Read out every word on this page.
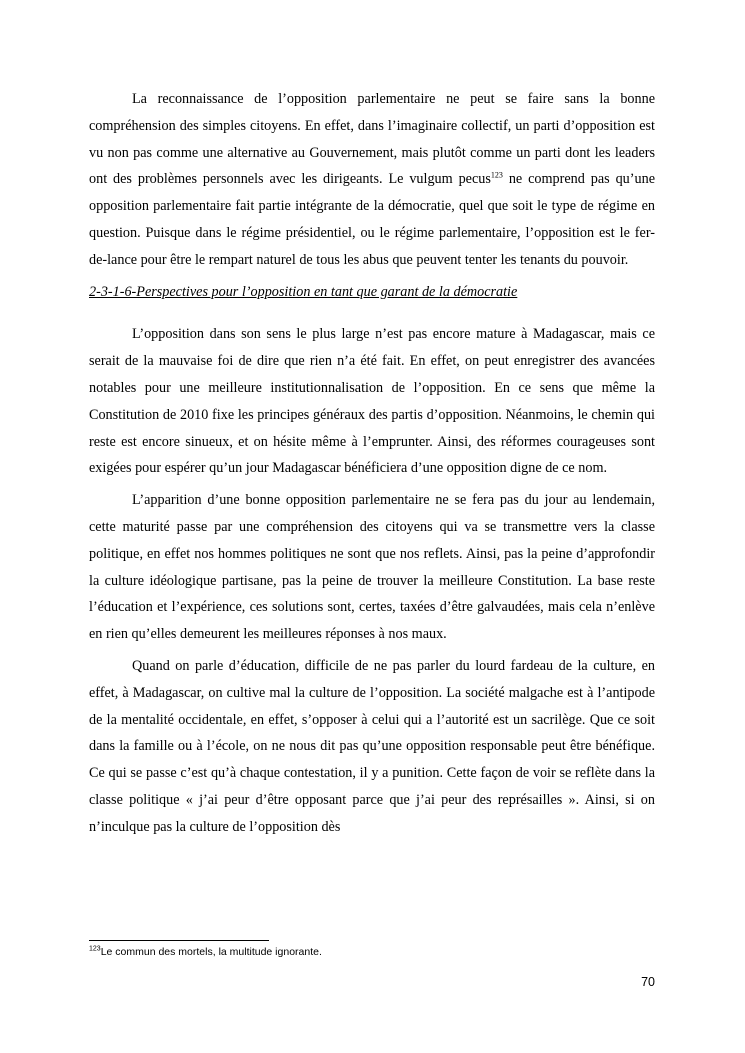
La reconnaissance de l’opposition parlementaire ne peut se faire sans la bonne compréhension des simples citoyens. En effet, dans l’imaginaire collectif, un parti d’opposition est vu non pas comme une alternative au Gouvernement, mais plutôt comme un parti dont les leaders ont des problèmes personnels avec les dirigeants. Le vulgum pecus$^{123}$ ne comprend pas qu’une opposition parlementaire fait partie intégrante de la démocratie, quel que soit le type de régime en question. Puisque dans le régime présidentiel, ou le régime parlementaire, l’opposition est le fer-de-lance pour être le rempart naturel de tous les abus que peuvent tenter les tenants du pouvoir.

2-3-1-6-Perspectives pour l’opposition en tant que garant de la démocratie

L’opposition dans son sens le plus large n’est pas encore mature à Madagascar, mais ce serait de la mauvaise foi de dire que rien n’a été fait. En effet, on peut enregistrer des avancées notables pour une meilleure institutionnalisation de l’opposition. En ce sens que même la Constitution de 2010 fixe les principes généraux des partis d’opposition. Néanmoins, le chemin qui reste est encore sinueux, et on hésite même à l’emprunter. Ainsi, des réformes courageuses sont exigées pour espérer qu’un jour Madagascar bénéficiera d’une opposition digne de ce nom.

L’apparition d’une bonne opposition parlementaire ne se fera pas du jour au lendemain, cette maturité passe par une compréhension des citoyens qui va se transmettre vers la classe politique, en effet nos hommes politiques ne sont que nos reflets. Ainsi, pas la peine d’approfondir la culture idéologique partisane, pas la peine de trouver la meilleure Constitution. La base reste l’éducation et l’expérience, ces solutions sont, certes, taxées d’être galvaudées, mais cela n’enlève en rien qu’elles demeurent les meilleures réponses à nos maux.

Quand on parle d’éducation, difficile de ne pas parler du lourd fardeau de la culture, en effet, à Madagascar, on cultive mal la culture de l’opposition. La société malgache est à l’antipode de la mentalité occidentale, en effet, s’opposer à celui qui a l’autorité est un sacrilège. Que ce soit dans la famille ou à l’école, on ne nous dit pas qu’une opposition responsable peut être bénéfique. Ce qui se passe c’est qu’à chaque contestation, il y a punition. Cette façon de voir se reflète dans la classe politique « j’ai peur d’être opposant parce que j’ai peur des représailles ». Ainsi, si on n’inculque pas la culture de l’opposition dès

$^{123}$Le commun des mortels, la multitude ignorante.
70
